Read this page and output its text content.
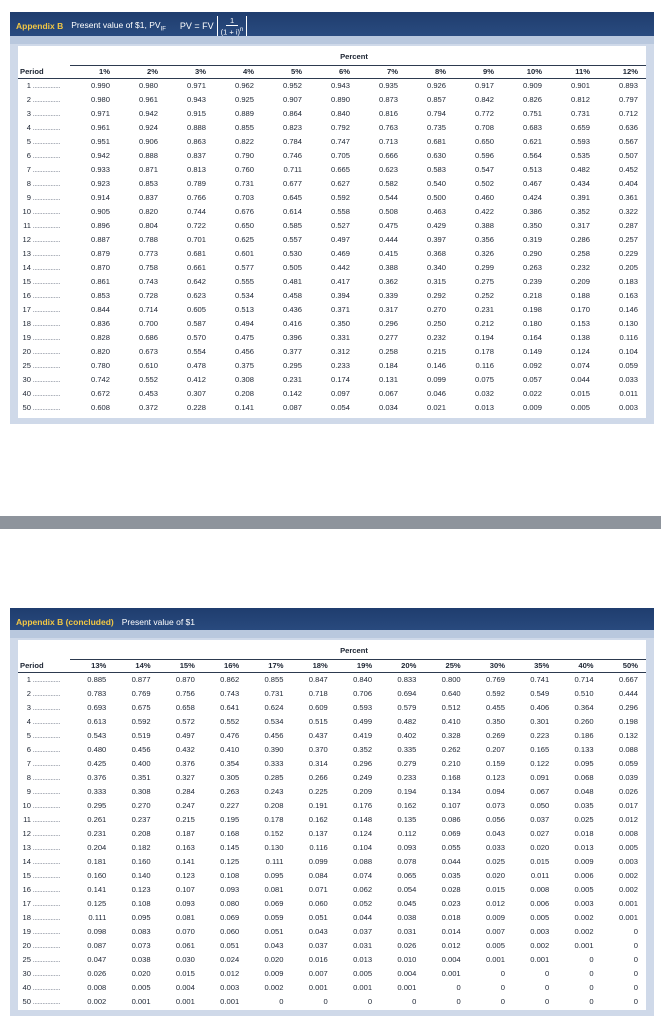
Appendix B Present value of $1, $PV_{IF}$ PV = FV $\frac{1}{(1 + i)^n}$
	Percent											
Period	1%	2%	3%	4%	5%	6%	7%	8%	9%	10%	11%	12%
1 .................	0.990	0.980	0.971	0.962	0.952	0.943	0.935	0.926	0.917	0.909	0.901	0.893
2 .................	0.980	0.961	0.943	0.925	0.907	0.890	0.873	0.857	0.842	0.826	0.812	0.797
3 .................	0.971	0.942	0.915	0.889	0.864	0.840	0.816	0.794	0.772	0.751	0.731	0.712
4 .................	0.961	0.924	0.888	0.855	0.823	0.792	0.763	0.735	0.708	0.683	0.659	0.636
5 .................	0.951	0.906	0.863	0.822	0.784	0.747	0.713	0.681	0.650	0.621	0.593	0.567
6 .................	0.942	0.888	0.837	0.790	0.746	0.705	0.666	0.630	0.596	0.564	0.535	0.507
7 .................	0.933	0.871	0.813	0.760	0.711	0.665	0.623	0.583	0.547	0.513	0.482	0.452
8 .................	0.923	0.853	0.789	0.731	0.677	0.627	0.582	0.540	0.502	0.467	0.434	0.404
9 .................	0.914	0.837	0.766	0.703	0.645	0.592	0.544	0.500	0.460	0.424	0.391	0.361
10 .................	0.905	0.820	0.744	0.676	0.614	0.558	0.508	0.463	0.422	0.386	0.352	0.322
11 .................	0.896	0.804	0.722	0.650	0.585	0.527	0.475	0.429	0.388	0.350	0.317	0.287
12 .................	0.887	0.788	0.701	0.625	0.557	0.497	0.444	0.397	0.356	0.319	0.286	0.257
13 .................	0.879	0.773	0.681	0.601	0.530	0.469	0.415	0.368	0.326	0.290	0.258	0.229
14 .................	0.870	0.758	0.661	0.577	0.505	0.442	0.388	0.340	0.299	0.263	0.232	0.205
15 .................	0.861	0.743	0.642	0.555	0.481	0.417	0.362	0.315	0.275	0.239	0.209	0.183
16 .................	0.853	0.728	0.623	0.534	0.458	0.394	0.339	0.292	0.252	0.218	0.188	0.163
17 .................	0.844	0.714	0.605	0.513	0.436	0.371	0.317	0.270	0.231	0.198	0.170	0.146
18 .................	0.836	0.700	0.587	0.494	0.416	0.350	0.296	0.250	0.212	0.180	0.153	0.130
19 .................	0.828	0.686	0.570	0.475	0.396	0.331	0.277	0.232	0.194	0.164	0.138	0.116
20 .................	0.820	0.673	0.554	0.456	0.377	0.312	0.258	0.215	0.178	0.149	0.124	0.104
25 .................	0.780	0.610	0.478	0.375	0.295	0.233	0.184	0.146	0.116	0.092	0.074	0.059
30 .................	0.742	0.552	0.412	0.308	0.231	0.174	0.131	0.099	0.075	0.057	0.044	0.033
40 .................	0.672	0.453	0.307	0.208	0.142	0.097	0.067	0.046	0.032	0.022	0.015	0.011
50 .................	0.608	0.372	0.228	0.141	0.087	0.054	0.034	0.021	0.013	0.009	0.005	0.003
Appendix B (concluded) Present value of $1
	Percent												
Period	13%	14%	15%	16%	17%	18%	19%	20%	25%	30%	35%	40%	50%
1 .................	0.885	0.877	0.870	0.862	0.855	0.847	0.840	0.833	0.800	0.769	0.741	0.714	0.667
2 .................	0.783	0.769	0.756	0.743	0.731	0.718	0.706	0.694	0.640	0.592	0.549	0.510	0.444
3 .................	0.693	0.675	0.658	0.641	0.624	0.609	0.593	0.579	0.512	0.455	0.406	0.364	0.296
4 .................	0.613	0.592	0.572	0.552	0.534	0.515	0.499	0.482	0.410	0.350	0.301	0.260	0.198
5 .................	0.543	0.519	0.497	0.476	0.456	0.437	0.419	0.402	0.328	0.269	0.223	0.186	0.132
6 .................	0.480	0.456	0.432	0.410	0.390	0.370	0.352	0.335	0.262	0.207	0.165	0.133	0.088
7 .................	0.425	0.400	0.376	0.354	0.333	0.314	0.296	0.279	0.210	0.159	0.122	0.095	0.059
8 .................	0.376	0.351	0.327	0.305	0.285	0.266	0.249	0.233	0.168	0.123	0.091	0.068	0.039
9 .................	0.333	0.308	0.284	0.263	0.243	0.225	0.209	0.194	0.134	0.094	0.067	0.048	0.026
10 .................	0.295	0.270	0.247	0.227	0.208	0.191	0.176	0.162	0.107	0.073	0.050	0.035	0.017
11 .................	0.261	0.237	0.215	0.195	0.178	0.162	0.148	0.135	0.086	0.056	0.037	0.025	0.012
12 .................	0.231	0.208	0.187	0.168	0.152	0.137	0.124	0.112	0.069	0.043	0.027	0.018	0.008
13 .................	0.204	0.182	0.163	0.145	0.130	0.116	0.104	0.093	0.055	0.033	0.020	0.013	0.005
14 .................	0.181	0.160	0.141	0.125	0.111	0.099	0.088	0.078	0.044	0.025	0.015	0.009	0.003
15 .................	0.160	0.140	0.123	0.108	0.095	0.084	0.074	0.065	0.035	0.020	0.011	0.006	0.002
16 .................	0.141	0.123	0.107	0.093	0.081	0.071	0.062	0.054	0.028	0.015	0.008	0.005	0.002
17 .................	0.125	0.108	0.093	0.080	0.069	0.060	0.052	0.045	0.023	0.012	0.006	0.003	0.001
18 .................	0.111	0.095	0.081	0.069	0.059	0.051	0.044	0.038	0.018	0.009	0.005	0.002	0.001
19 .................	0.098	0.083	0.070	0.060	0.051	0.043	0.037	0.031	0.014	0.007	0.003	0.002	0
20 .................	0.087	0.073	0.061	0.051	0.043	0.037	0.031	0.026	0.012	0.005	0.002	0.001	0
25 .................	0.047	0.038	0.030	0.024	0.020	0.016	0.013	0.010	0.004	0.001	0.001	0	0
30 .................	0.026	0.020	0.015	0.012	0.009	0.007	0.005	0.004	0.001	0	0	0	0
40 .................	0.008	0.005	0.004	0.003	0.002	0.001	0.001	0.001	0	0	0	0	0
50 .................	0.002	0.001	0.001	0.001	0	0	0	0	0	0	0	0	0
